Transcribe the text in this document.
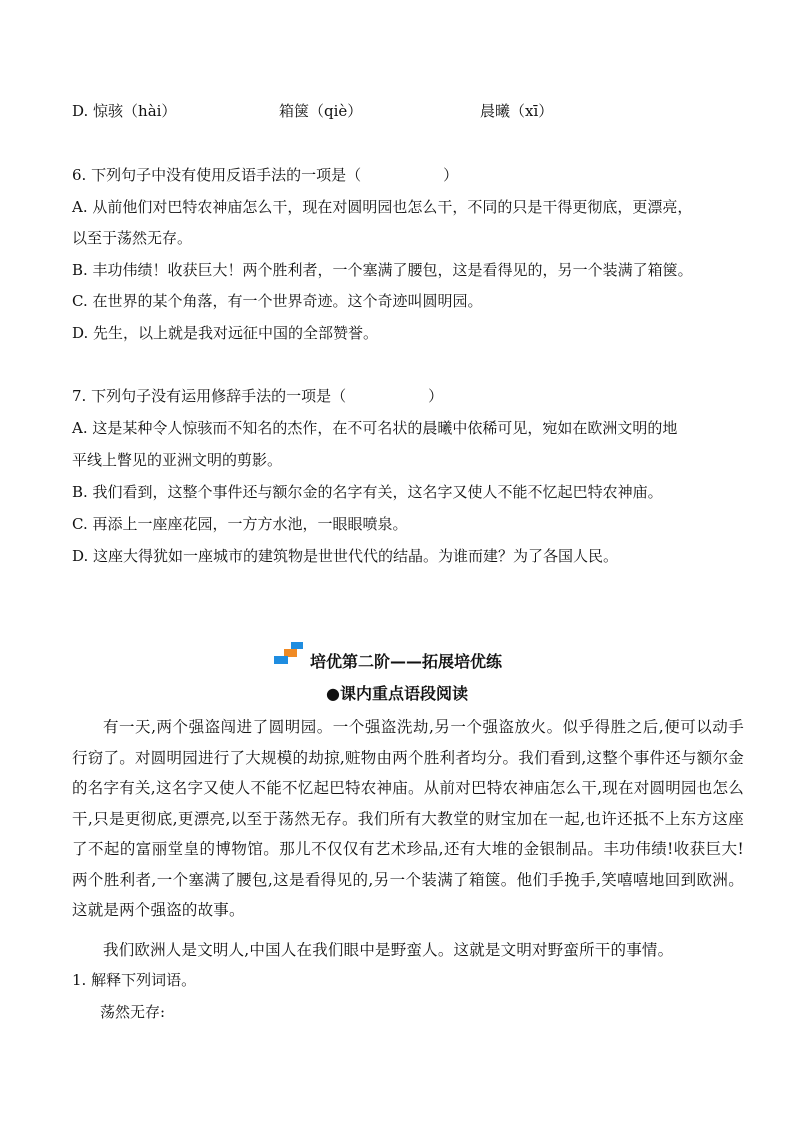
D. 惊骇（hài）	箱箧（qiè）	晨曦（xī）
6. 下列句子中没有使用反语手法的一项是（	）
A. 从前他们对巴特农神庙怎么干，现在对圆明园也怎么干，不同的只是干得更彻底，更漂亮，
以至于荡然无存。
B. 丰功伟绩！收获巨大！两个胜利者，一个塞满了腰包，这是看得见的，另一个装满了箱箧。
C. 在世界的某个角落，有一个世界奇迹。这个奇迹叫圆明园。
D. 先生，以上就是我对远征中国的全部赞誉。
7. 下列句子没有运用修辞手法的一项是（	）
A. 这是某种令人惊骇而不知名的杰作，在不可名状的晨曦中依稀可见，宛如在欧洲文明的地
平线上瞥见的亚洲文明的剪影。
B. 我们看到，这整个事件还与额尔金的名字有关，这名字又使人不能不忆起巴特农神庙。
C. 再添上一座座花园，一方方水池，一眼眼喷泉。
D. 这座大得犹如一座城市的建筑物是世世代代的结晶。为谁而建？为了各国人民。
培优第二阶——拓展培优练
●课内重点语段阅读
有一天,两个强盗闯进了圆明园。一个强盗洗劫,另一个强盗放火。似乎得胜之后,便可以动手行窃了。对圆明园进行了大规模的劫掠,赃物由两个胜利者均分。我们看到,这整个事件还与额尔金的名字有关,这名字又使人不能不忆起巴特农神庙。从前对巴特农神庙怎么干,现在对圆明园也怎么干,只是更彻底,更漂亮,以至于荡然无存。我们所有大教堂的财宝加在一起,也许还抵不上东方这座了不起的富丽堂皇的博物馆。那儿不仅仅有艺术珍品,还有大堆的金银制品。丰功伟绩!收获巨大!两个胜利者,一个塞满了腰包,这是看得见的,另一个装满了箱箧。他们手挽手,笑嘻嘻地回到欧洲。这就是两个强盗的故事。
我们欧洲人是文明人,中国人在我们眼中是野蛮人。这就是文明对野蛮所干的事情。
1. 解释下列词语。
荡然无存:
